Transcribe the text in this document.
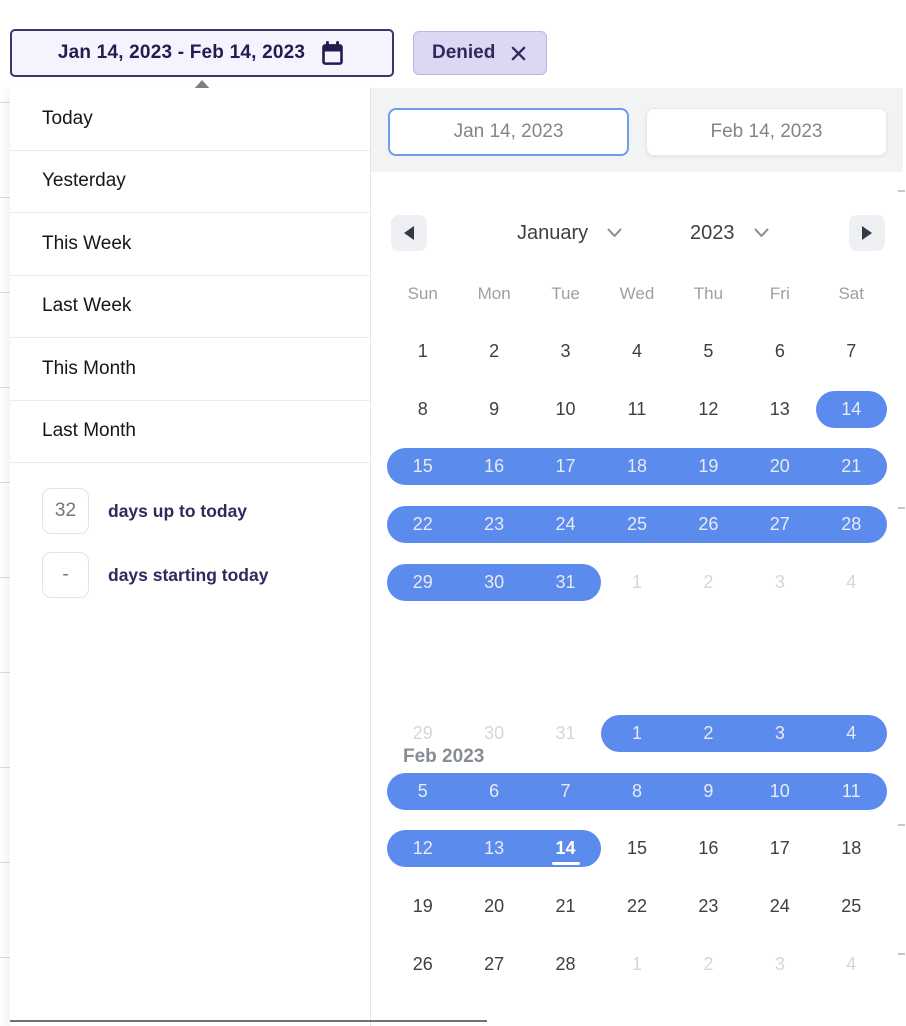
Jan 14, 2023 - Feb 14, 2023	Denied
Today
Yesterday
This Week
Last Week
This Month
Last Month
32	days up to today
-	days starting today
Jan 14, 2023
Feb 14, 2023
January	2023
Sun	Mon	Tue	Wed	Thu	Fri	Sat
1	2	3	4	5	6	7
8	9	10	11	12	13	14
15	16	17	18	19	20	21
22	23	24	25	26	27	28
29	30	31	1	2	3	4
Feb 2023
29	30	31	1	2	3	4
5	6	7	8	9	10	11
12	13	14	15	16	17	18
19	20	21	22	23	24	25
26	27	28	1	2	3	4
